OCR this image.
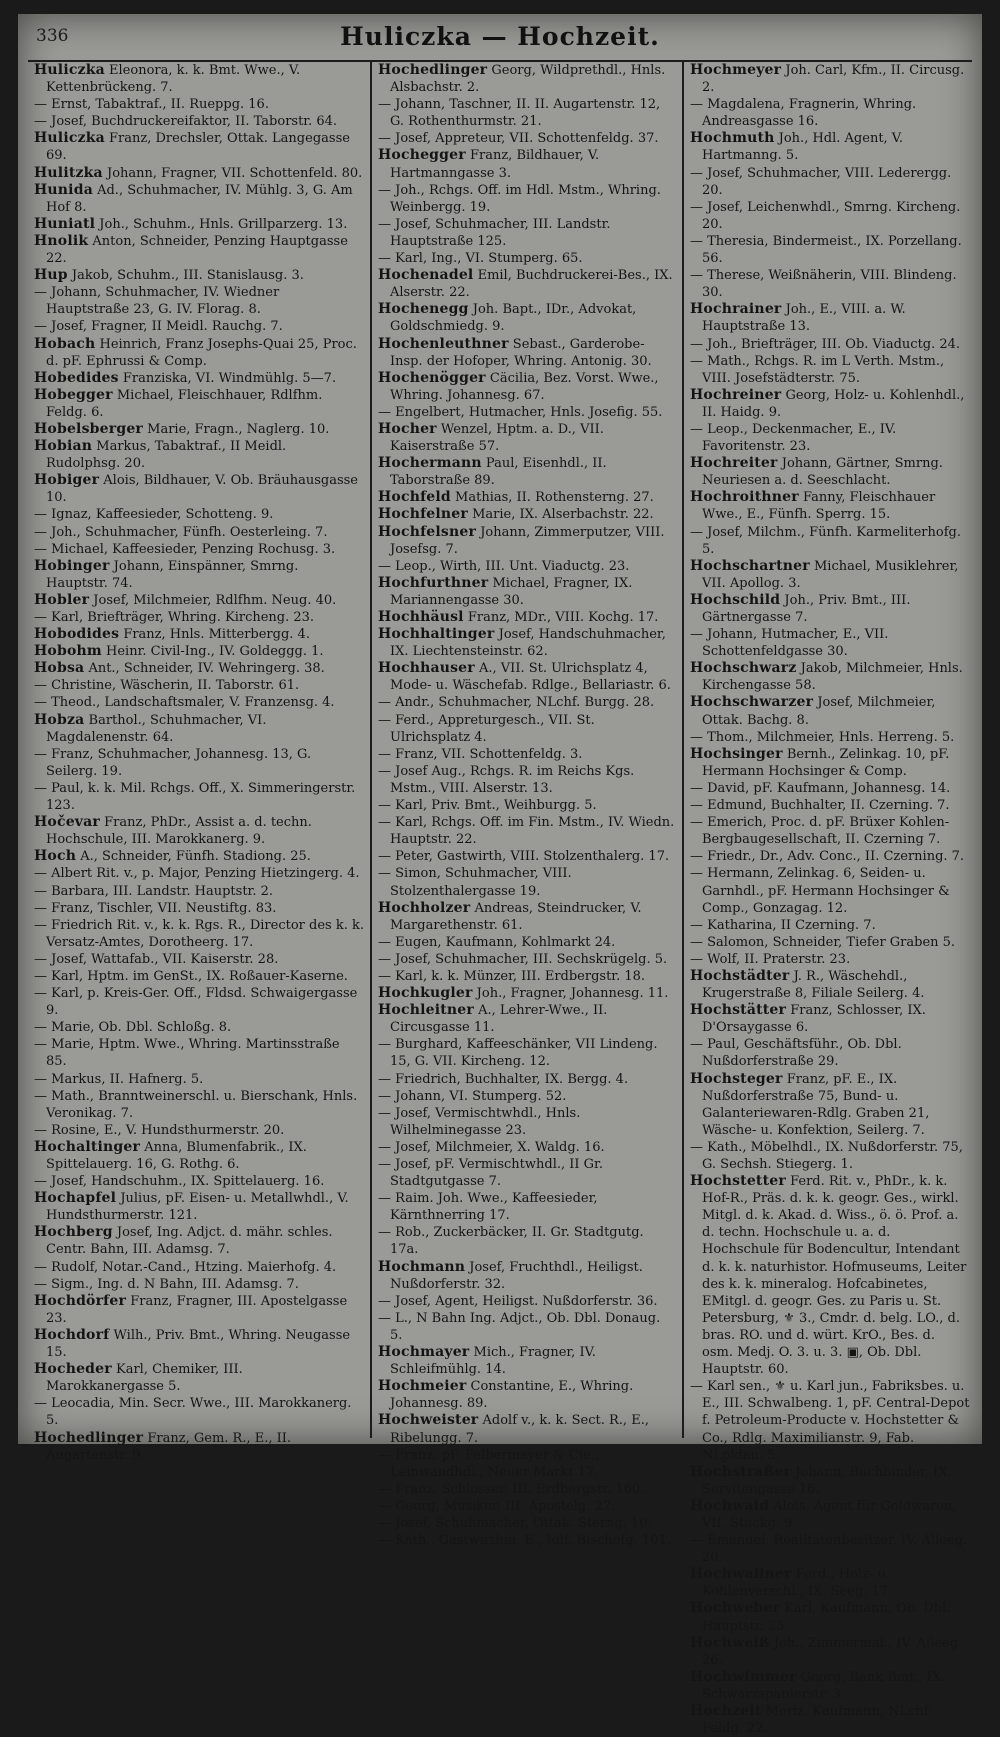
336	Huliczka — Hochzeit.

Huliczka Eleonora, k. k. Bmt. Wwe., V. Kettenbrückeng. 7.

— Ernst, Tabaktraf., II. Rueppg. 16.

— Josef, Buchdruckereifaktor, II. Taborstr. 64.

Huliczka Franz, Drechsler, Ottak. Langegasse 69.

Hulitzka Johann, Fragner, VII. Schottenfeld. 80.

Hunida Ad., Schuhmacher, IV. Mühlg. 3, G. Am Hof 8.

Huniatl Joh., Schuhm., Hnls. Grillparzerg. 13.

Hnolik Anton, Schneider, Penzing Hauptgasse 22.

Hup Jakob, Schuhm., III. Stanislausg. 3.

— Johann, Schuhmacher, IV. Wiedner Hauptstraße 23, G. IV. Florag. 8.

— Josef, Fragner, II Meidl. Rauchg. 7.

Hobach Heinrich, Franz Josephs-Quai 25, Proc. d. pF. Ephrussi & Comp.

Hobedides Franziska, VI. Windmühlg. 5—7.

Hobegger Michael, Fleischhauer, Rdlfhm. Feldg. 6.

Hobelsberger Marie, Fragn., Naglerg. 10.

Hobian Markus, Tabaktraf., II Meidl. Rudolphsg. 20.

Hobiger Alois, Bildhauer, V. Ob. Bräuhausgasse 10.

— Ignaz, Kaffeesieder, Schotteng. 9.

— Joh., Schuhmacher, Fünfh. Oesterleing. 7.

— Michael, Kaffeesieder, Penzing Rochusg. 3.

Hobinger Johann, Einspänner, Smrng. Hauptstr. 74.

Hobler Josef, Milchmeier, Rdlfhm. Neug. 40.

— Karl, Briefträger, Whring. Kircheng. 23.

Hobodides Franz, Hnls. Mitterbergg. 4.

Hobohm Heinr. Civil-Ing., IV. Goldeggg. 1.

Hobsa Ant., Schneider, IV. Wehringerg. 38.

— Christine, Wäscherin, II. Taborstr. 61.

— Theod., Landschaftsmaler, V. Franzensg. 4.

Hobza Barthol., Schuhmacher, VI. Magdalenenstr. 64.

— Franz, Schuhmacher, Johannesg. 13, G. Seilerg. 19.

— Paul, k. k. Mil. Rchgs. Off., X. Simmeringerstr. 123.

Hočevar Franz, PhDr., Assist a. d. techn. Hochschule, III. Marokkanerg. 9.

Hoch A., Schneider, Fünfh. Stadiong. 25.

— Albert Rit. v., p. Major, Penzing Hietzingerg. 4.

— Barbara, III. Landstr. Hauptstr. 2.

— Franz, Tischler, VII. Neustiftg. 83.

— Friedrich Rit. v., k. k. Rgs. R., Director des k. k. Versatz-Amtes, Dorotheerg. 17.

— Josef, Wattafab., VII. Kaiserstr. 28.

— Karl, Hptm. im GenSt., IX. Roßauer-Kaserne.

— Karl, p. Kreis-Ger. Off., Fldsd. Schwaigergasse 9.

— Marie, Ob. Dbl. Schloßg. 8.

— Marie, Hptm. Wwe., Whring. Martinsstraße 85.

— Markus, II. Hafnerg. 5.

— Math., Branntweinerschl. u. Bierschank, Hnls. Veronikag. 7.

— Rosine, E., V. Hundsthurmerstr. 20.

Hochaltinger Anna, Blumenfabrik., IX. Spittelauerg. 16, G. Rothg. 6.

— Josef, Handschuhm., IX. Spittelauerg. 16.

Hochapfel Julius, pF. Eisen- u. Metallwhdl., V. Hundsthurmerstr. 121.

Hochberg Josef, Ing. Adjct. d. mähr. schles. Centr. Bahn, III. Adamsg. 7.

— Rudolf, Notar.-Cand., Htzing. Maierhofg. 4.

— Sigm., Ing. d. N Bahn, III. Adamsg. 7.

Hochdörfer Franz, Fragner, III. Apostelgasse 23.

Hochdorf Wilh., Priv. Bmt., Whring. Neugasse 15.

Hocheder Karl, Chemiker, III. Marokkanergasse 5.

— Leocadia, Min. Secr. Wwe., III. Marokkanerg. 5.

Hochedlinger Franz, Gem. R., E., II. Augartenstr. 9.

Hochedlinger Georg, Wildprethdl., Hnls. Alsbachstr. 2.

— Johann, Taschner, II. II. Augartenstr. 12, G. Rothenthurmstr. 21.

— Josef, Appreteur, VII. Schottenfeldg. 37.

Hochegger Franz, Bildhauer, V. Hartmanngasse 3.

— Joh., Rchgs. Off. im Hdl. Mstm., Whring. Weinbergg. 19.

— Josef, Schuhmacher, III. Landstr. Hauptstraße 125.

— Karl, Ing., VI. Stumperg. 65.

Hochenadel Emil, Buchdruckerei-Bes., IX. Alserstr. 22.

Hochenegg Joh. Bapt., IDr., Advokat, Goldschmiedg. 9.

Hochenleuthner Sebast., Garderobe-Insp. der Hofoper, Whring. Antonig. 30.

Hochenögger Cäcilia, Bez. Vorst. Wwe., Whring. Johannesg. 67.

— Engelbert, Hutmacher, Hnls. Josefig. 55.

Hocher Wenzel, Hptm. a. D., VII. Kaiserstraße 57.

Hochermann Paul, Eisenhdl., II. Taborstraße 89.

Hochfeld Mathias, II. Rothensterng. 27.

Hochfelner Marie, IX. Alserbachstr. 22.

Hochfelsner Johann, Zimmerputzer, VIII. Josefsg. 7.

— Leop., Wirth, III. Unt. Viaductg. 23.

Hochfurthner Michael, Fragner, IX. Mariannengasse 30.

Hochhäusl Franz, MDr., VIII. Kochg. 17.

Hochhaltinger Josef, Handschuhmacher, IX. Liechtensteinstr. 62.

Hochhauser A., VII. St. Ulrichsplatz 4, Mode- u. Wäschefab. Rdlge., Bellariastr. 6.

— Andr., Schuhmacher, NLchf. Burgg. 28.

— Ferd., Appreturgesch., VII. St. Ulrichsplatz 4.

— Franz, VII. Schottenfeldg. 3.

— Josef Aug., Rchgs. R. im Reichs Kgs. Mstm., VIII. Alserstr. 13.

— Karl, Priv. Bmt., Weihburgg. 5.

— Karl, Rchgs. Off. im Fin. Mstm., IV. Wiedn. Hauptstr. 22.

— Peter, Gastwirth, VIII. Stolzenthalerg. 17.

— Simon, Schuhmacher, VIII. Stolzenthalergasse 19.

Hochholzer Andreas, Steindrucker, V. Margarethenstr. 61.

— Eugen, Kaufmann, Kohlmarkt 24.

— Josef, Schuhmacher, III. Sechskrügelg. 5.

— Karl, k. k. Münzer, III. Erdbergstr. 18.

Hochkugler Joh., Fragner, Johannesg. 11.

Hochleitner A., Lehrer-Wwe., II. Circusgasse 11.

— Burghard, Kaffeeschänker, VII Lindeng. 15, G. VII. Kircheng. 12.

— Friedrich, Buchhalter, IX. Bergg. 4.

— Johann, VI. Stumperg. 52.

— Josef, Vermischtwhdl., Hnls. Wilhelminegasse 23.

— Josef, Milchmeier, X. Waldg. 16.

— Josef, pF. Vermischtwhdl., II Gr. Stadtgutgasse 7.

— Raim. Joh. Wwe., Kaffeesieder, Kärnthnerring 17.

— Rob., Zuckerbäcker, II. Gr. Stadtgutg. 17a.

Hochmann Josef, Fruchthdl., Heiligst. Nußdorferstr. 32.

— Josef, Agent, Heiligst. Nußdorferstr. 36.

— L., N Bahn Ing. Adjct., Ob. Dbl. Donaug. 5.

Hochmayer Mich., Fragner, IV. Schleifmühlg. 14.

Hochmeier Constantine, E., Whring. Johannesg. 89.

Hochweister Adolf v., k. k. Sect. R., E., Ribelungg. 7.

— Franz, pF. Felbermayer & Cie., Leinwandhdl., Neuer Markt 17.

— Franz, Schlosser, III. Erdbergstr. 160.

— Georg, Musiker, III. Apostelg. 27.

— Josef, Schuhmacher, Ottak. Sterng. 10.

— Kath., Gastwirthin, E., Idlf. Bischofg. 101.

Hochmeyer Joh. Carl, Kfm., II. Circusg. 2.

— Magdalena, Fragnerin, Whring. Andreasgasse 16.

Hochmuth Joh., Hdl. Agent, V. Hartmanng. 5.

— Josef, Schuhmacher, VIII. Lederergg. 20.

— Josef, Leichenwhdl., Smrng. Kircheng. 20.

— Theresia, Bindermeist., IX. Porzellang. 56.

— Therese, Weißnäherin, VIII. Blindeng. 30.

Hochrainer Joh., E., VIII. a. W. Hauptstraße 13.

— Joh., Briefträger, III. Ob. Viaductg. 24.

— Math., Rchgs. R. im L Verth. Mstm., VIII. Josefstädterstr. 75.

Hochreiner Georg, Holz- u. Kohlenhdl., II. Haidg. 9.

— Leop., Deckenmacher, E., IV. Favoritenstr. 23.

Hochreiter Johann, Gärtner, Smrng. Neuriesen a. d. Seeschlacht.

Hochroithner Fanny, Fleischhauer Wwe., E., Fünfh. Sperrg. 15.

— Josef, Milchm., Fünfh. Karmeliterhofg. 5.

Hochschartner Michael, Musiklehrer, VII. Apollog. 3.

Hochschild Joh., Priv. Bmt., III. Gärtnergasse 7.

— Johann, Hutmacher, E., VII. Schottenfeldgasse 30.

Hochschwarz Jakob, Milchmeier, Hnls. Kirchengasse 58.

Hochschwarzer Josef, Milchmeier, Ottak. Bachg. 8.

— Thom., Milchmeier, Hnls. Herreng. 5.

Hochsinger Bernh., Zelinkag. 10, pF. Hermann Hochsinger & Comp.

— David, pF. Kaufmann, Johannesg. 14.

— Edmund, Buchhalter, II. Czerning. 7.

— Emerich, Proc. d. pF. Brüxer Kohlen-Bergbaugesellschaft, II. Czerning 7.

— Friedr., Dr., Adv. Conc., II. Czerning. 7.

— Hermann, Zelinkag. 6, Seiden- u. Garnhdl., pF. Hermann Hochsinger & Comp., Gonzagag. 12.

— Katharina, II Czerning. 7.

— Salomon, Schneider, Tiefer Graben 5.

— Wolf, II. Praterstr. 23.

Hochstädter J. R., Wäschehdl., Krugerstraße 8, Filiale Seilerg. 4.

Hochstätter Franz, Schlosser, IX. D'Orsaygasse 6.

— Paul, Geschäftsführ., Ob. Dbl. Nußdorferstraße 29.

Hochsteger Franz, pF. E., IX. Nußdorferstraße 75, Bund- u. Galanteriewaren-Rdlg. Graben 21, Wäsche- u. Konfektion, Seilerg. 7.

— Kath., Möbelhdl., IX. Nußdorferstr. 75, G. Sechsh. Stiegerg. 1.

Hochstetter Ferd. Rit. v., PhDr., k. k. Hof-R., Präs. d. k. k. geogr. Ges., wirkl. Mitgl. d. k. Akad. d. Wiss., ö. ö. Prof. a. d. techn. Hochschule u. a. d. Hochschule für Bodencultur, Intendant d. k. k. naturhistor. Hofmuseums, Leiter des k. k. mineralog. Hofcabinetes, EMitgl. d. geogr. Ges. zu Paris u. St. Petersburg, ⚜ 3., Cmdr. d. belg. LO., d. bras. RO. und d. würt. KrO., Bes. d. osm. Medj. O. 3. u. 3. ▣, Ob. Dbl. Hauptstr. 60.

— Karl sen., ⚜ u. Karl jun., Fabriksbes. u. E., III. Schwalbeng. 1, pF. Central-Depot f. Petroleum-Producte v. Hochstetter & Co., Rdlg. Maximilianstr. 9, Fab. NLpldau. 5.

Hochstraßer Johann, Buchbinder, IX. Servitengasse 16.

Hochwald Alois, Agent für Goldwaren, VII. Stuckg. 9.

— Emanuel, Realitätenbesitzer, IV. Alleeg. 20.

Hochwallner Ferd., Holz- u. Kohlenverschl., IX. Seeg. 17.

Hochweber Karl, Kaufmann, Ob. Dbl. Hauptstr. 25.

Hochweiß Joh., Zimmermal., IV. Alleeg. 26.

Hochwimmer Georg, Bank Bmt., IX. Schwarzspanierstr. 3.

Hochzeit Moriz, Kaufmann, NLchf. Feldg. 22.
